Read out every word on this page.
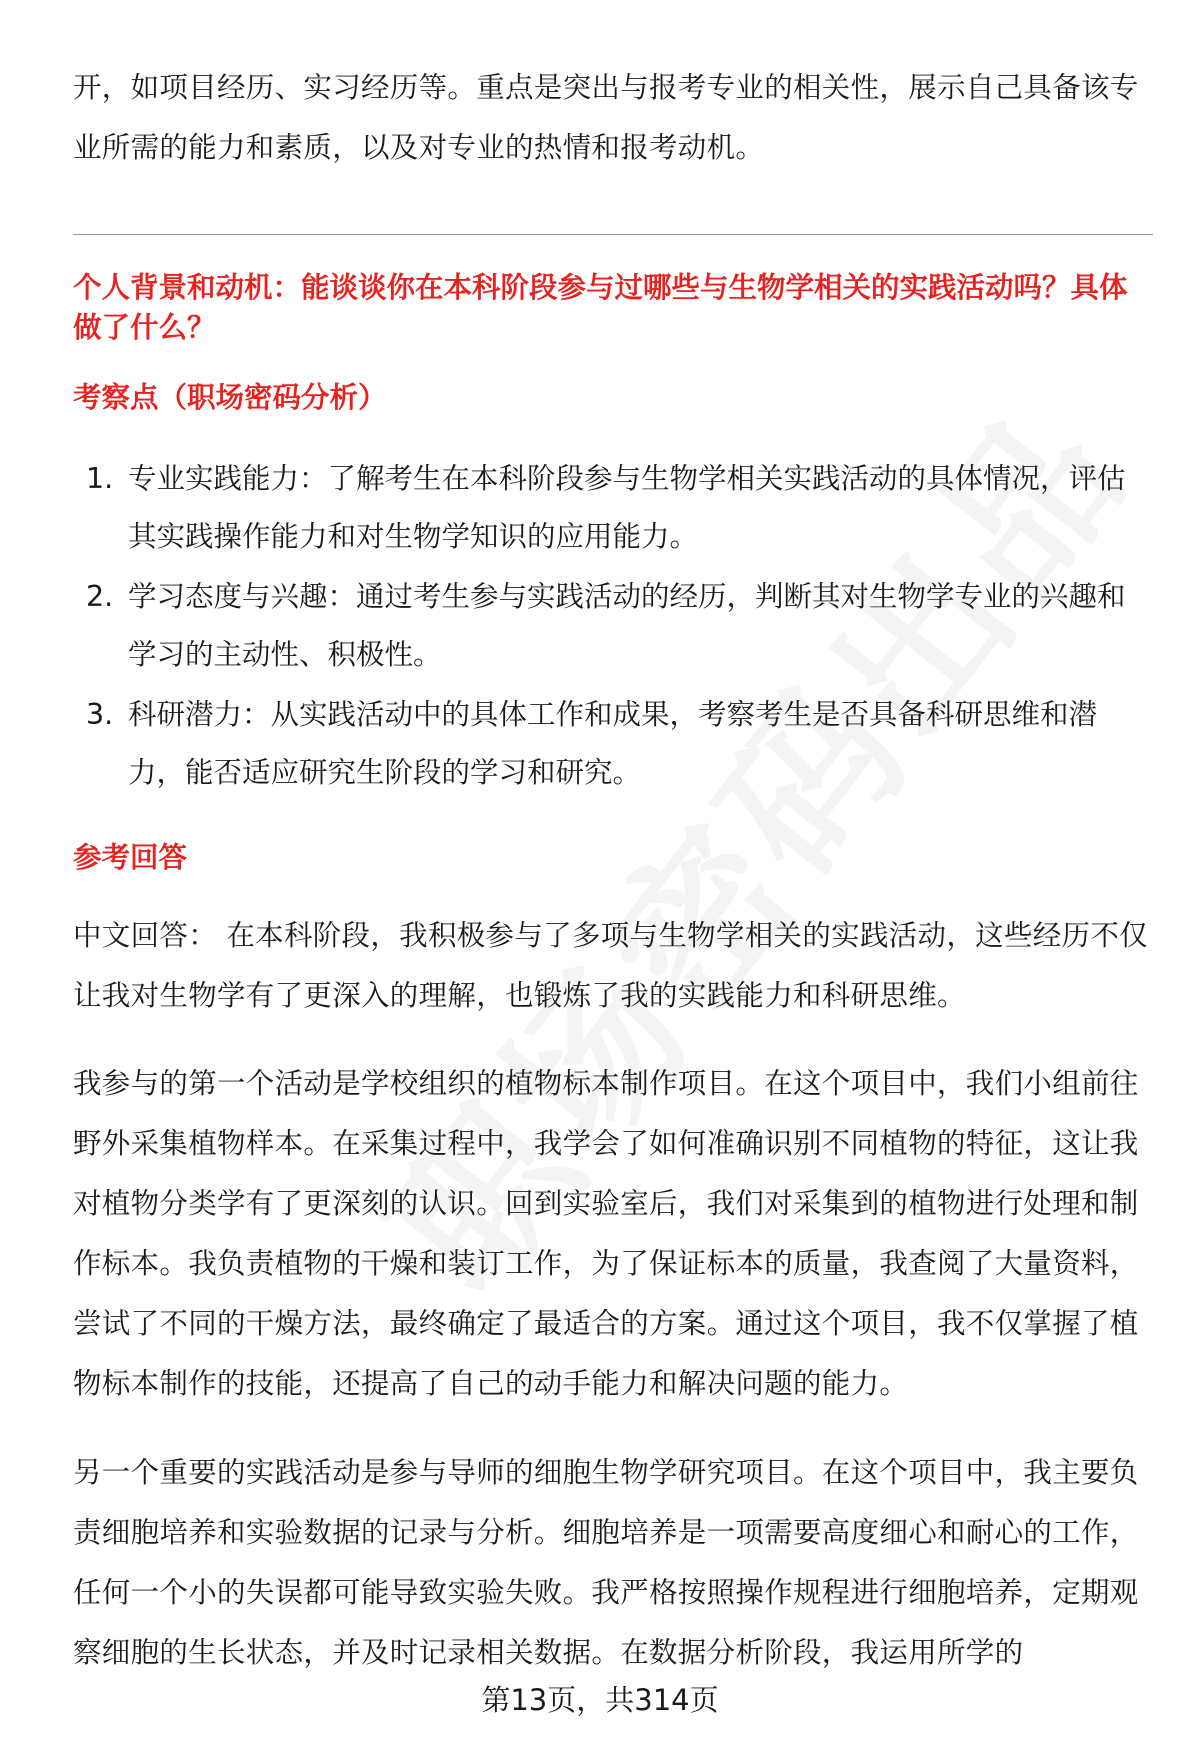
开，如项目经历、实习经历等。重点是突出与报考专业的相关性，展示自己具备该专业所需的能力和素质，以及对专业的热情和报考动机。

个人背景和动机：能谈谈你在本科阶段参与过哪些与生物学相关的实践活动吗？具体做了什么？

考察点（职场密码分析）

1. 专业实践能力：了解考生在本科阶段参与生物学相关实践活动的具体情况，评估其实践操作能力和对生物学知识的应用能力。
2. 学习态度与兴趣：通过考生参与实践活动的经历，判断其对生物学专业的兴趣和学习的主动性、积极性。
3. 科研潜力：从实践活动中的具体工作和成果，考察考生是否具备科研思维和潜力，能否适应研究生阶段的学习和研究。

参考回答

中文回答： 在本科阶段，我积极参与了多项与生物学相关的实践活动，这些经历不仅让我对生物学有了更深入的理解，也锻炼了我的实践能力和科研思维。

我参与的第一个活动是学校组织的植物标本制作项目。在这个项目中，我们小组前往野外采集植物样本。在采集过程中，我学会了如何准确识别不同植物的特征，这让我对植物分类学有了更深刻的认识。回到实验室后，我们对采集到的植物进行处理和制作标本。我负责植物的干燥和装订工作，为了保证标本的质量，我查阅了大量资料，尝试了不同的干燥方法，最终确定了最适合的方案。通过这个项目，我不仅掌握了植物标本制作的技能，还提高了自己的动手能力和解决问题的能力。

另一个重要的实践活动是参与导师的细胞生物学研究项目。在这个项目中，我主要负责细胞培养和实验数据的记录与分析。细胞培养是一项需要高度细心和耐心的工作，任何一个小的失误都可能导致实验失败。我严格按照操作规程进行细胞培养，定期观察细胞的生长状态，并及时记录相关数据。在数据分析阶段，我运用所学的

第13页，共314页
